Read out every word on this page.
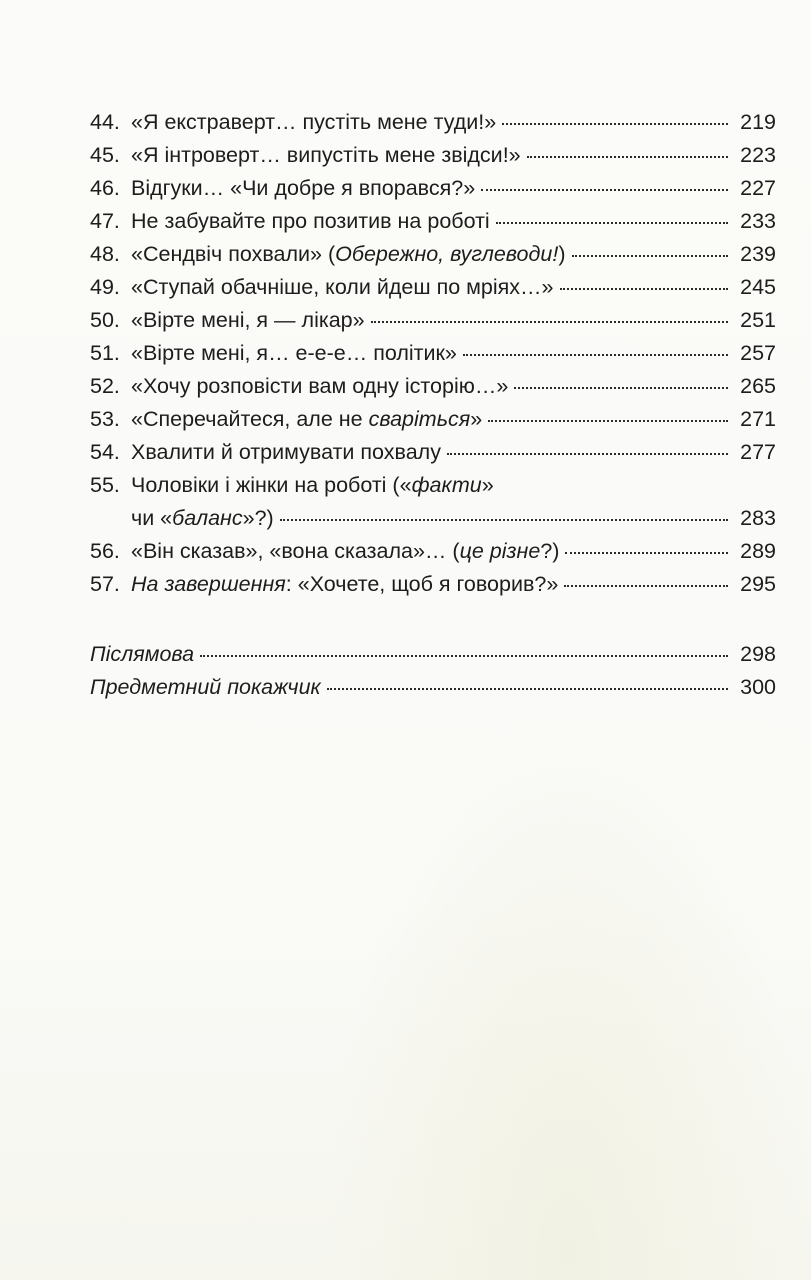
44. «Я екстраверт… пустіть мене туди!»	219
45. «Я інтроверт… випустіть мене звідси!»	223
46. Відгуки… «Чи добре я впорався?»	227
47. Не забувайте про позитив на роботі	233
48. «Сендвіч похвали» (Обережно, вуглеводи!)	239
49. «Ступай обачніше, коли йдеш по мріях…»	245
50. «Вірте мені, я — лікар»	251
51. «Вірте мені, я… е-е-е… політик»	257
52. «Хочу розповісти вам одну історію…»	265
53. «Сперечайтеся, але не сваріться»	271
54. Хвалити й отримувати похвалу	277
55. Чоловіки і жінки на роботі («факти»
чи «баланс»?)	283
56. «Він сказав», «вона сказала»… (це різне?)	289
57. На завершення: «Хочете, щоб я говорив?»	295
Післямова	298
Предметний покажчик	300
